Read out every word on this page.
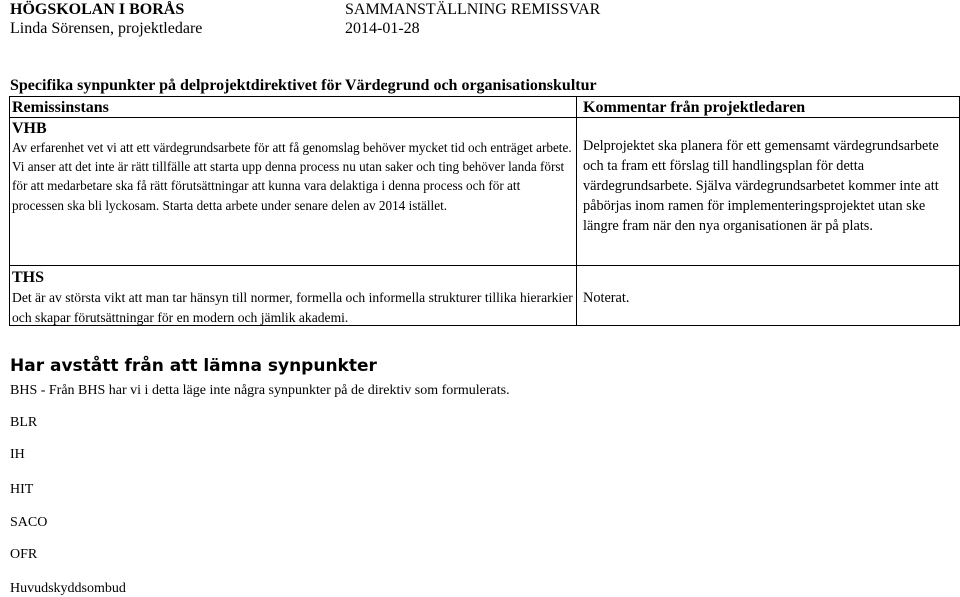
HÖGSKOLAN I BORÅS
Linda Sörensen, projektledare
SAMMANSTÄLLNING REMISSVAR
2014-01-28
Specifika synpunkter på delprojektdirektivet för Värdegrund och organisationskultur
Remissinstans	Kommentar från projektledaren
VHB
Av erfarenhet vet vi att ett värdegrundsarbete för att få genomslag behöver mycket tid och enträget arbete. Vi anser att det inte är rätt tillfälle att starta upp denna process nu utan saker och ting behöver landa först för att medarbetare ska få rätt förutsättningar att kunna vara delaktiga i denna process och för att processen ska bli lyckosam. Starta detta arbete under senare delen av 2014 istället.
Delprojektet ska planera för ett gemensamt värdegrundsarbete och ta fram ett förslag till handlingsplan för detta värdegrundsarbete. Själva värdegrundsarbetet kommer inte att påbörjas inom ramen för implementeringsprojektet utan ske längre fram när den nya organisationen är på plats.
THS
Det är av största vikt att man tar hänsyn till normer, formella och informella strukturer tillika hierarkier och skapar förutsättningar för en modern och jämlik akademi.
Noterat.
Har avstått från att lämna synpunkter
BHS - Från BHS har vi i detta läge inte några synpunkter på de direktiv som formulerats.
BLR
IH
HIT
SACO
OFR
Huvudskyddsombud
